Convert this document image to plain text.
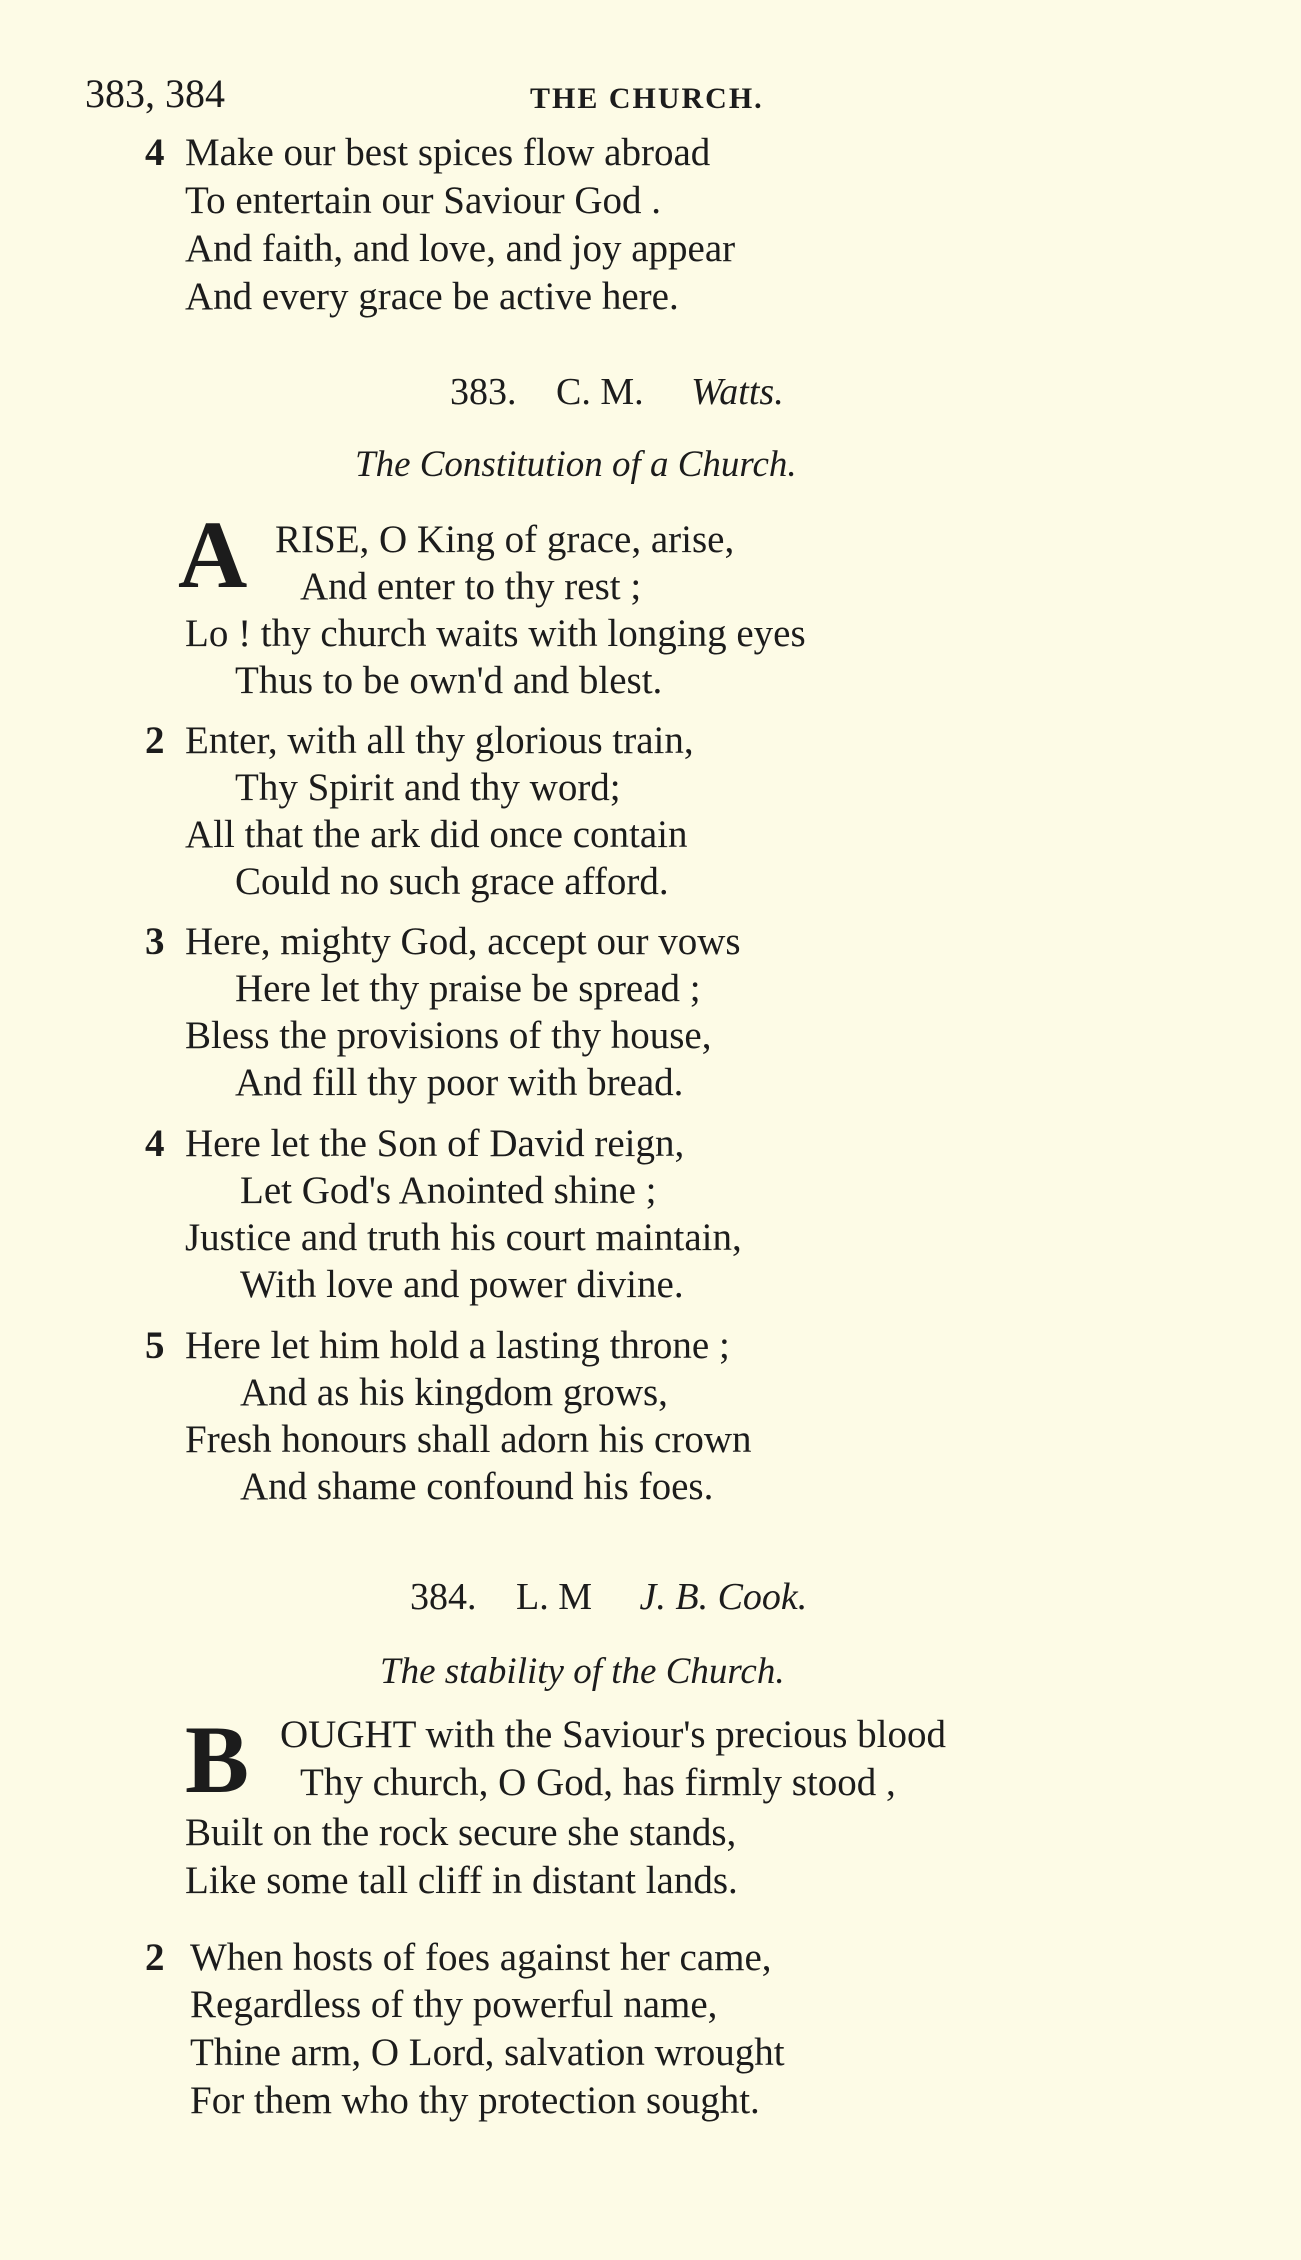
383, 384	THE CHURCH.
4 Make our best spices flow abroad
To entertain our Saviour God .
And faith, and love, and joy appear
And every grace be active here.
383. C. M. Watts.
The Constitution of a Church.
A RISE, O King of grace, arise,
And enter to thy rest ;
Lo ! thy church waits with longing eyes
Thus to be own'd and blest.
2 Enter, with all thy glorious train,
Thy Spirit and thy word;
All that the ark did once contain
Could no such grace afford.
3 Here, mighty God, accept our vows
Here let thy praise be spread ;
Bless the provisions of thy house,
And fill thy poor with bread.
4 Here let the Son of David reign,
Let God's Anointed shine ;
Justice and truth his court maintain,
With love and power divine.
5 Here let him hold a lasting throne ;
And as his kingdom grows,
Fresh honours shall adorn his crown
And shame confound his foes.
384. L. M J. B. Cook.
The stability of the Church.
B OUGHT with the Saviour's precious blood
Thy church, O God, has firmly stood ,
Built on the rock secure she stands,
Like some tall cliff in distant lands.
2 When hosts of foes against her came,
Regardless of thy powerful name,
Thine arm, O Lord, salvation wrought
For them who thy protection sought.
